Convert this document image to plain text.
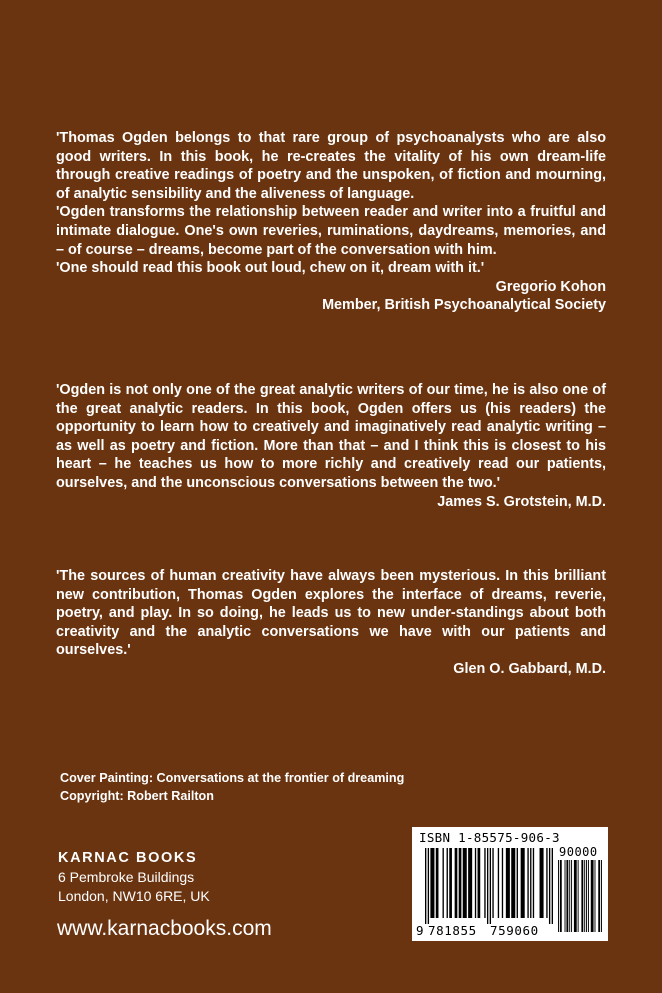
'Thomas Ogden belongs to that rare group of psychoanalysts who are also good writers. In this book, he re-creates the vitality of his own dream-life through creative readings of poetry and the unspoken, of fiction and mourning, of analytic sensibility and the aliveness of language.

'Ogden transforms the relationship between reader and writer into a fruitful and intimate dialogue. One's own reveries, ruminations, daydreams, memories, and – of course – dreams, become part of the conversation with him.

'One should read this book out loud, chew on it, dream with it.'

Gregorio Kohon

Member, British Psychoanalytical Society

'Ogden is not only one of the great analytic writers of our time, he is also one of the great analytic readers. In this book, Ogden offers us (his readers) the opportunity to learn how to creatively and imaginatively read analytic writing – as well as poetry and fiction. More than that – and I think this is closest to his heart – he teaches us how to more richly and creatively read our patients, ourselves, and the unconscious conversations between the two.'

James S. Grotstein, M.D.

'The sources of human creativity have always been mysterious. In this brilliant new contribution, Thomas Ogden explores the interface of dreams, reverie, poetry, and play. In so doing, he leads us to new under-standings about both creativity and the analytic conversations we have with our patients and ourselves.'

Glen O. Gabbard, M.D.

Cover Painting: Conversations at the frontier of dreaming

Copyright: Robert Railton

KARNAC BOOKS

6 Pembroke Buildings

London, NW10 6RE, UK

www.karnacbooks.com
ISBN 1-85575-906-3
90000
9 781855 759060
